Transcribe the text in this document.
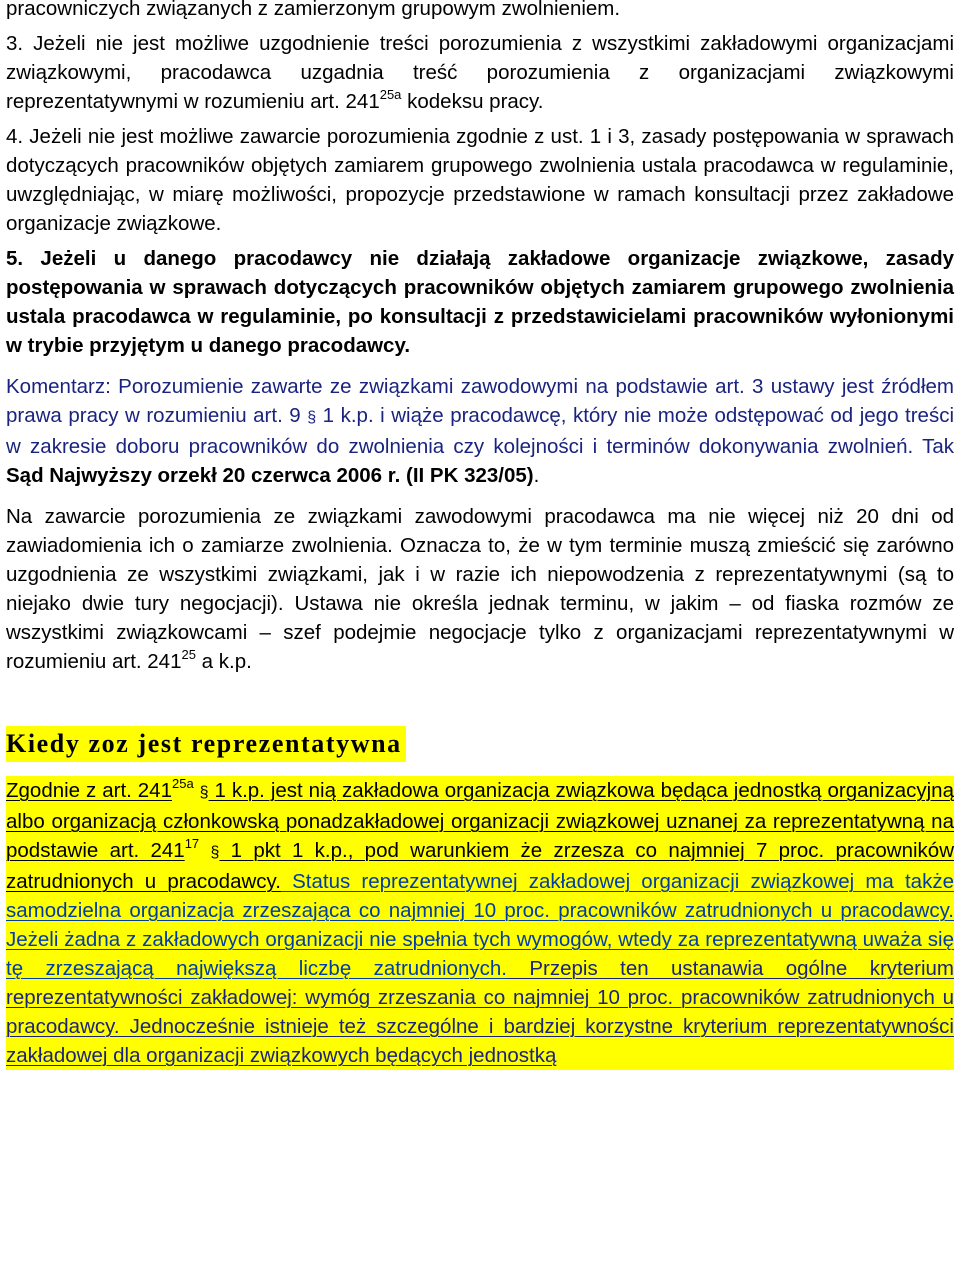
pracowniczych związanych z zamierzonym grupowym zwolnieniem.

3. Jeżeli nie jest możliwe uzgodnienie treści porozumienia z wszystkimi zakładowymi organizacjami związkowymi, pracodawca uzgadnia treść porozumienia z organizacjami związkowymi reprezentatywnymi w rozumieniu art. $241^{25a}$ kodeksu pracy.

4. Jeżeli nie jest możliwe zawarcie porozumienia zgodnie z ust. 1 i 3, zasady postępowania w sprawach dotyczących pracowników objętych zamiarem grupowego zwolnienia ustala pracodawca w regulaminie, uwzględniając, w miarę możliwości, propozycje przedstawione w ramach konsultacji przez zakładowe organizacje związkowe.

5. Jeżeli u danego pracodawcy nie działają zakładowe organizacje związkowe, zasady postępowania w sprawach dotyczących pracowników objętych zamiarem grupowego zwolnienia ustala pracodawca w regulaminie, po konsultacji z przedstawicielami pracowników wyłonionymi w trybie przyjętym u danego pracodawcy.

Komentarz: Porozumienie zawarte ze związkami zawodowymi na podstawie art. 3 ustawy jest źródłem prawa pracy w rozumieniu art. 9 § 1 k.p. i wiąże pracodawcę, który nie może odstępować od jego treści w zakresie doboru pracowników do zwolnienia czy kolejności i terminów dokonywania zwolnień. Tak Sąd Najwyższy orzekł 20 czerwca 2006 r. (II PK 323/05).

Na zawarcie porozumienia ze związkami zawodowymi pracodawca ma nie więcej niż 20 dni od zawiadomienia ich o zamiarze zwolnienia. Oznacza to, że w tym terminie muszą zmieścić się zarówno uzgodnienia ze wszystkimi związkami, jak i w razie ich niepowodzenia z reprezentatywnymi (są to niejako dwie tury negocjacji). Ustawa nie określa jednak terminu, w jakim – od fiaska rozmów ze wszystkimi związkowcami – szef podejmie negocjacje tylko z organizacjami reprezentatywnymi w rozumieniu art. $241^{25}$ a k.p.

Kiedy zoz jest reprezentatywna

Zgodnie z art. $241^{25a}$ § 1 k.p. jest nią zakładowa organizacja związkowa będąca jednostką organizacyjną albo organizacją członkowską ponadzakładowej organizacji związkowej uznanej za reprezentatywną na podstawie art. $241^{17}$ § 1 pkt 1 k.p., pod warunkiem że zrzesza co najmniej 7 proc. pracowników zatrudnionych u pracodawcy. Status reprezentatywnej zakładowej organizacji związkowej ma także samodzielna organizacja zrzeszająca co najmniej 10 proc. pracowników zatrudnionych u pracodawcy. Jeżeli żadna z zakładowych organizacji nie spełnia tych wymogów, wtedy za reprezentatywną uważa się tę zrzeszającą największą liczbę zatrudnionych. Przepis ten ustanawia ogólne kryterium reprezentatywności zakładowej: wymóg zrzeszania co najmniej 10 proc. pracowników zatrudnionych u pracodawcy. Jednocześnie istnieje też szczególne i bardziej korzystne kryterium reprezentatywności zakładowej dla organizacji związkowych będących jednostką
